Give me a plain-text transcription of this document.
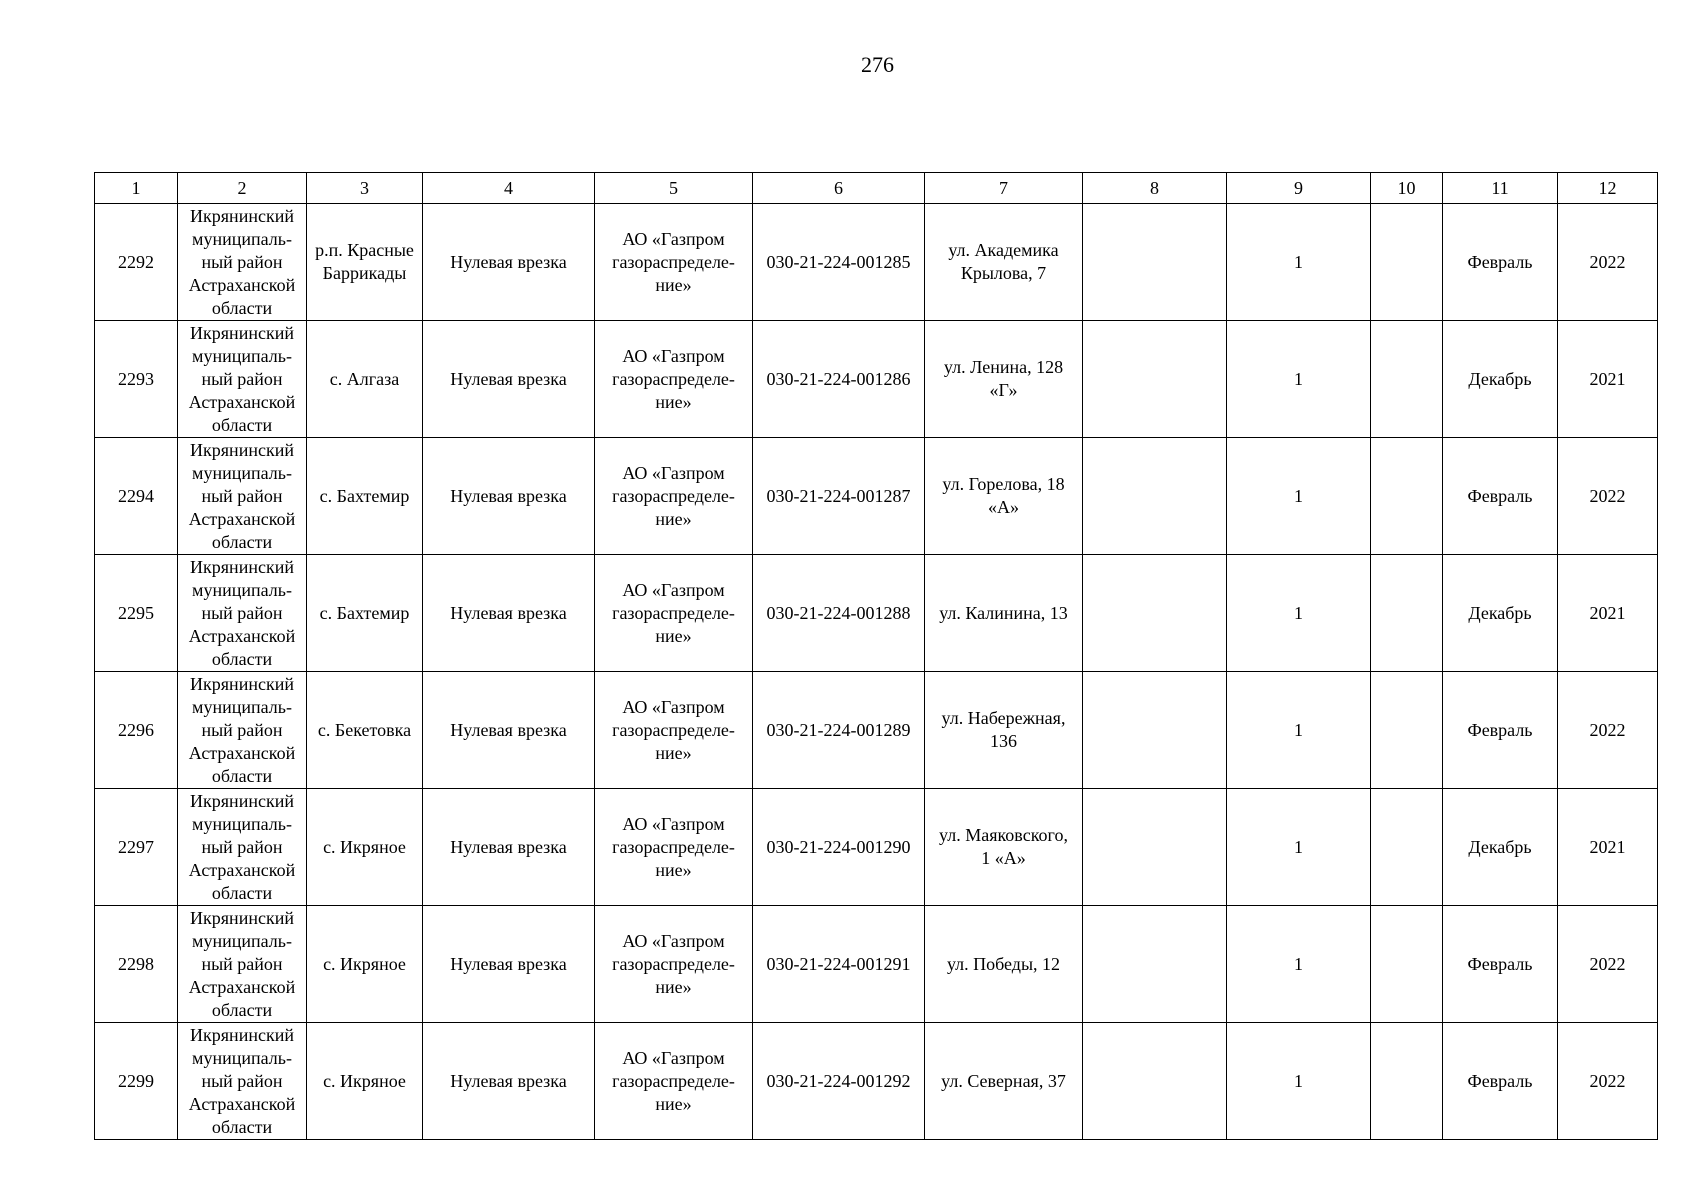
276
1	2	3	4	5	6	7	8	9	10	11	12
2292	Икрянинский
муниципаль-
ный район
Астраханской
области	р.п. Красные
Баррикады	Нулевая врезка	АО «Газпром
газораспределе-
ние»	030-21-224-001285	ул. Академика
Крылова, 7		1		Февраль	2022
2293	Икрянинский
муниципаль-
ный район
Астраханской
области	с. Алгаза	Нулевая врезка	АО «Газпром
газораспределе-
ние»	030-21-224-001286	ул. Ленина, 128
«Г»		1		Декабрь	2021
2294	Икрянинский
муниципаль-
ный район
Астраханской
области	с. Бахтемир	Нулевая врезка	АО «Газпром
газораспределе-
ние»	030-21-224-001287	ул. Горелова, 18
«А»		1		Февраль	2022
2295	Икрянинский
муниципаль-
ный район
Астраханской
области	с. Бахтемир	Нулевая врезка	АО «Газпром
газораспределе-
ние»	030-21-224-001288	ул. Калинина, 13		1		Декабрь	2021
2296	Икрянинский
муниципаль-
ный район
Астраханской
области	с. Бекетовка	Нулевая врезка	АО «Газпром
газораспределе-
ние»	030-21-224-001289	ул. Набережная,
136		1		Февраль	2022
2297	Икрянинский
муниципаль-
ный район
Астраханской
области	с. Икряное	Нулевая врезка	АО «Газпром
газораспределе-
ние»	030-21-224-001290	ул. Маяковского,
1 «А»		1		Декабрь	2021
2298	Икрянинский
муниципаль-
ный район
Астраханской
области	с. Икряное	Нулевая врезка	АО «Газпром
газораспределе-
ние»	030-21-224-001291	ул. Победы, 12		1		Февраль	2022
2299	Икрянинский
муниципаль-
ный район
Астраханской
области	с. Икряное	Нулевая врезка	АО «Газпром
газораспределе-
ние»	030-21-224-001292	ул. Северная, 37		1		Февраль	2022
